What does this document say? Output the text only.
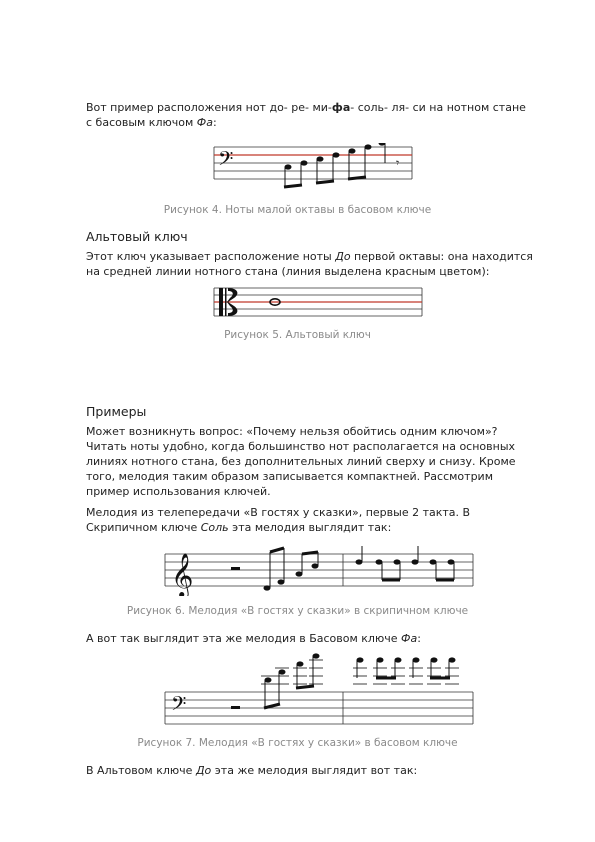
Вот пример расположения нот до- ре- ми-фа- соль- ля- си на нотном стане
с басовым ключом Фа:
𝄢	𝄾
Рисунок 4. Ноты малой октавы в басовом ключе
Альтовый ключ
Этот ключ указывает расположение ноты До первой октавы: она находится
на средней линии нотного стана (линия выделена красным цветом):
Рисунок 5. Альтовый ключ
Примеры
Может возникнуть вопрос: «Почему нельзя обойтись одним ключом»?
Читать ноты удобно, когда большинство нот располагается на основных
линиях нотного стана, без дополнительных линий сверху и снизу. Кроме
того, мелодия таким образом записывается компактней. Рассмотрим
пример использования ключей.
Мелодия из телепередачи «В гостях у сказки», первые 2 такта. В
Скрипичном ключе Соль эта мелодия выглядит так:
𝄞
Рисунок 6. Мелодия «В гостях у сказки» в скрипичном ключе
А вот так выглядит эта же мелодия в Басовом ключе Фа:
𝄢
Рисунок 7. Мелодия «В гостях у сказки» в басовом ключе
В Альтовом ключе До эта же мелодия выглядит вот так:
